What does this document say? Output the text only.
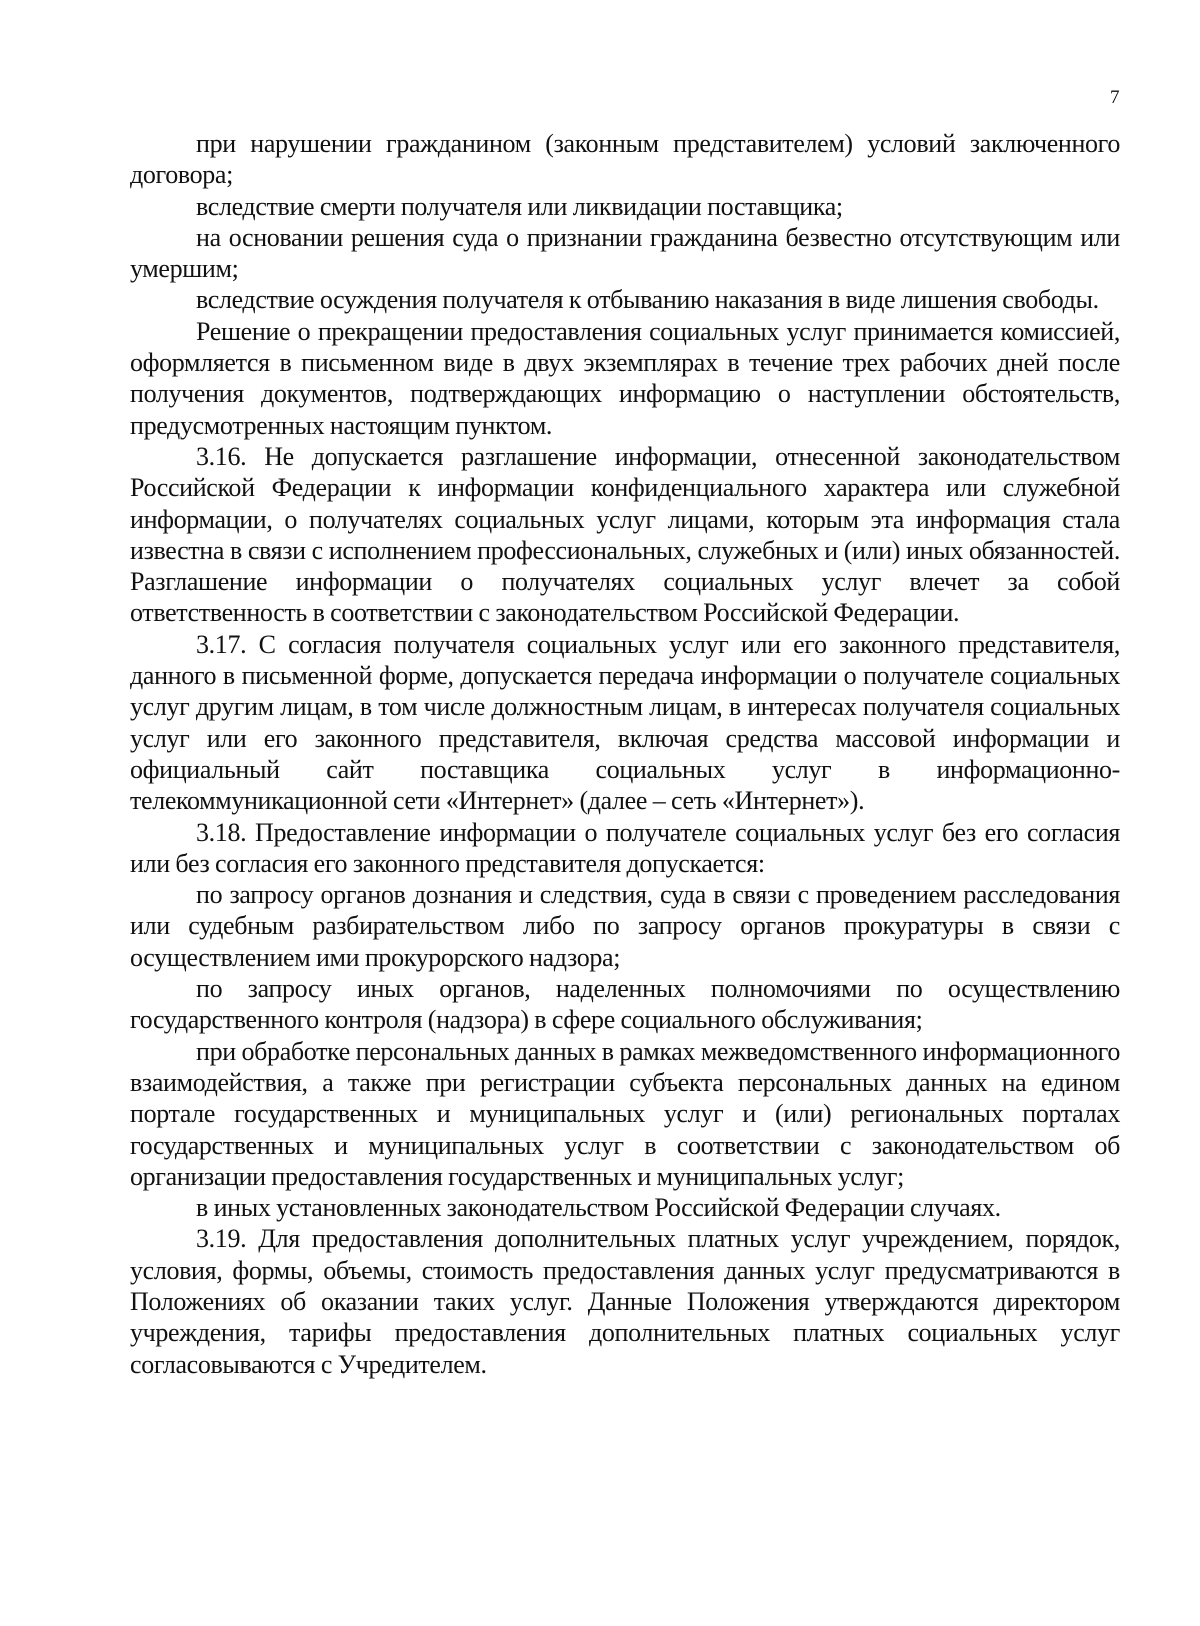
7

при нарушении гражданином (законным представителем) условий заключенного договора;

вследствие смерти получателя или ликвидации поставщика;

на основании решения суда о признании гражданина безвестно отсутствующим или умершим;

вследствие осуждения получателя к отбыванию наказания в виде лишения свободы.

Решение о прекращении предоставления социальных услуг принимается комиссией, оформляется в письменном виде в двух экземплярах в течение трех рабочих дней после получения документов, подтверждающих информацию о наступлении обстоятельств, предусмотренных настоящим пунктом.

3.16. Не допускается разглашение информации, отнесенной законодательством Российской Федерации к информации конфиденциального характера или служебной информации, о получателях социальных услуг лицами, которым эта информация стала известна в связи с исполнением профессиональных, служебных и (или) иных обязанностей. Разглашение информации о получателях социальных услуг влечет за собой ответственность в соответствии с законодательством Российской Федерации.

3.17. С согласия получателя социальных услуг или его законного представителя, данного в письменной форме, допускается передача информации о получателе социальных услуг другим лицам, в том числе должностным лицам, в интересах получателя социальных услуг или его законного представителя, включая средства массовой информации и официальный сайт поставщика социальных услуг в информационно-телекоммуникационной сети «Интернет» (далее – сеть «Интернет»).

3.18. Предоставление информации о получателе социальных услуг без его согласия или без согласия его законного представителя допускается:

по запросу органов дознания и следствия, суда в связи с проведением расследования или судебным разбирательством либо по запросу органов прокуратуры в связи с осуществлением ими прокурорского надзора;

по запросу иных органов, наделенных полномочиями по осуществлению государственного контроля (надзора) в сфере социального обслуживания;

при обработке персональных данных в рамках межведомственного информационного взаимодействия, а также при регистрации субъекта персональных данных на едином портале государственных и муниципальных услуг и (или) региональных порталах государственных и муниципальных услуг в соответствии с законодательством об организации предоставления государственных и муниципальных услуг;

в иных установленных законодательством Российской Федерации случаях.

3.19. Для предоставления дополнительных платных услуг учреждением, порядок, условия, формы, объемы, стоимость предоставления данных услуг предусматриваются в Положениях об оказании таких услуг. Данные Положения утверждаются директором учреждения, тарифы предоставления дополнительных платных социальных услуг согласовываются с Учредителем.
